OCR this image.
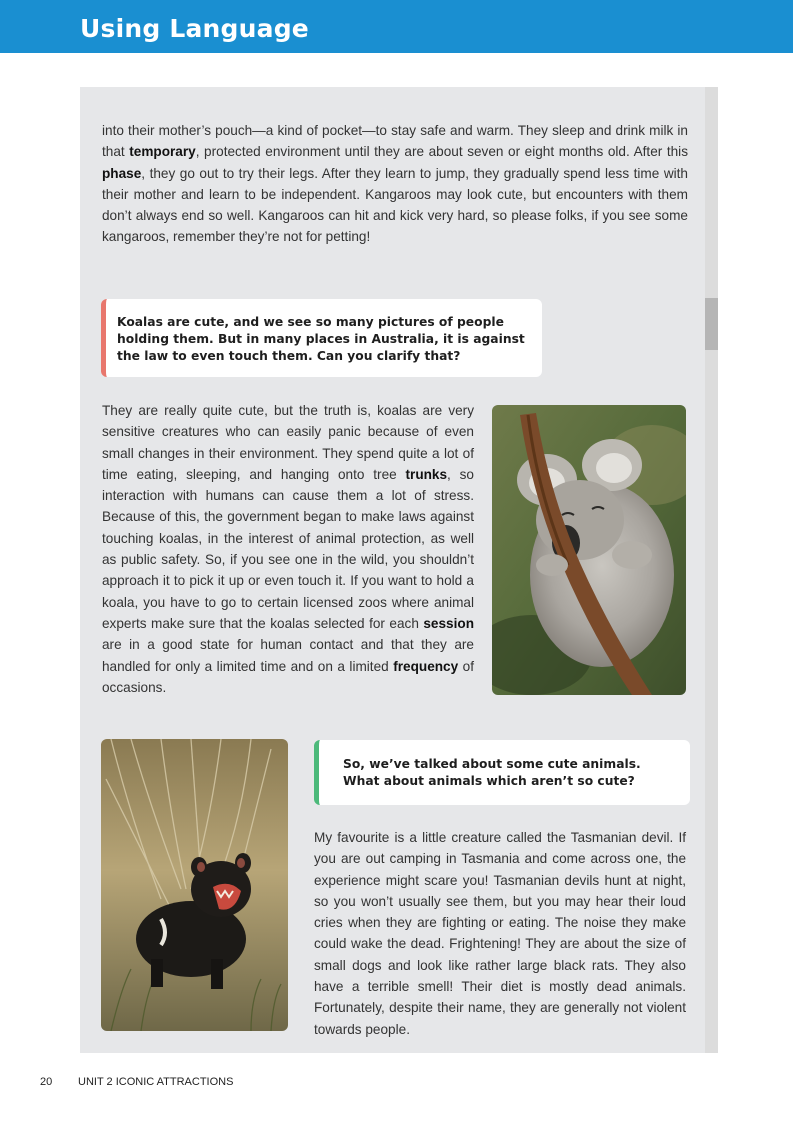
Using Language

into their mother’s pouch—a kind of pocket—to stay safe and warm. They sleep and drink milk in that temporary, protected environment until they are about seven or eight months old. After this phase, they go out to try their legs. After they learn to jump, they gradually spend less time with their mother and learn to be independent. Kangaroos may look cute, but encounters with them don’t always end so well. Kangaroos can hit and kick very hard, so please folks, if you see some kangaroos, remember they’re not for petting!

Koalas are cute, and we see so many pictures of people holding them. But in many places in Australia, it is against the law to even touch them. Can you clarify that?

They are really quite cute, but the truth is, koalas are very sensitive creatures who can easily panic because of even small changes in their environment. They spend quite a lot of time eating, sleeping, and hanging onto tree trunks, so interaction with humans can cause them a lot of stress. Because of this, the government began to make laws against touching koalas, in the interest of animal protection, as well as public safety. So, if you see one in the wild, you shouldn’t approach it to pick it up or even touch it. If you want to hold a koala, you have to go to certain licensed zoos where animal experts make sure that the koalas selected for each session are in a good state for human contact and that they are handled for only a limited time and on a limited frequency of occasions.

So, we’ve talked about some cute animals. What about animals which aren’t so cute?

My favourite is a little creature called the Tasmanian devil. If you are out camping in Tasmania and come across one, the experience might scare you! Tasmanian devils hunt at night, so you won’t usually see them, but you may hear their loud cries when they are fighting or eating. The noise they make could wake the dead. Frightening! They are about the size of small dogs and look like rather large black rats. They also have a terrible smell! Their diet is mostly dead animals. Fortunately, despite their name, they are generally not violent towards people.

20 UNIT 2 ICONIC ATTRACTIONS
